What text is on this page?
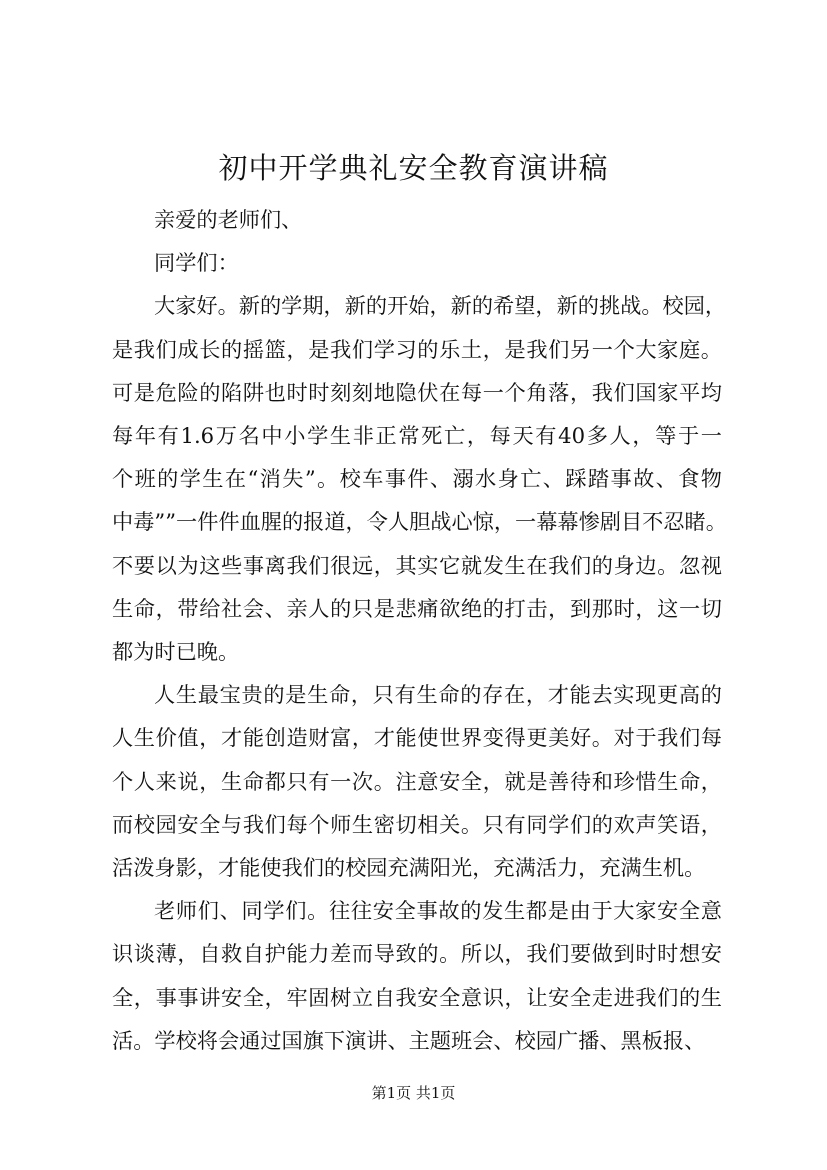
初中开学典礼安全教育演讲稿

亲爱的老师们、
同学们：

大家好。新的学期，新的开始，新的希望，新的挑战。校园，
是我们成长的摇篮，是我们学习的乐土，是我们另一个大家庭。
可是危险的陷阱也时时刻刻地隐伏在每一个角落，我们国家平均
每年有1.6万名中小学生非正常死亡，每天有40多人，等于一
个班的学生在“消失”。校车事件、溺水身亡、踩踏事故、食物
中毒””一件件血腥的报道，令人胆战心惊，一幕幕惨剧目不忍睹。
不要以为这些事离我们很远，其实它就发生在我们的身边。忽视
生命，带给社会、亲人的只是悲痛欲绝的打击，到那时，这一切
都为时已晚。

人生最宝贵的是生命，只有生命的存在，才能去实现更高的
人生价值，才能创造财富，才能使世界变得更美好。对于我们每
个人来说，生命都只有一次。注意安全，就是善待和珍惜生命，
而校园安全与我们每个师生密切相关。只有同学们的欢声笑语，
活泼身影，才能使我们的校园充满阳光，充满活力，充满生机。

老师们、同学们。往往安全事故的发生都是由于大家安全意
识谈薄，自救自护能力差而导致的。所以，我们要做到时时想安
全，事事讲安全，牢固树立自我安全意识，让安全走进我们的生
活。学校将会通过国旗下演讲、主题班会、校园广播、黑板报、

第1页 共1页
